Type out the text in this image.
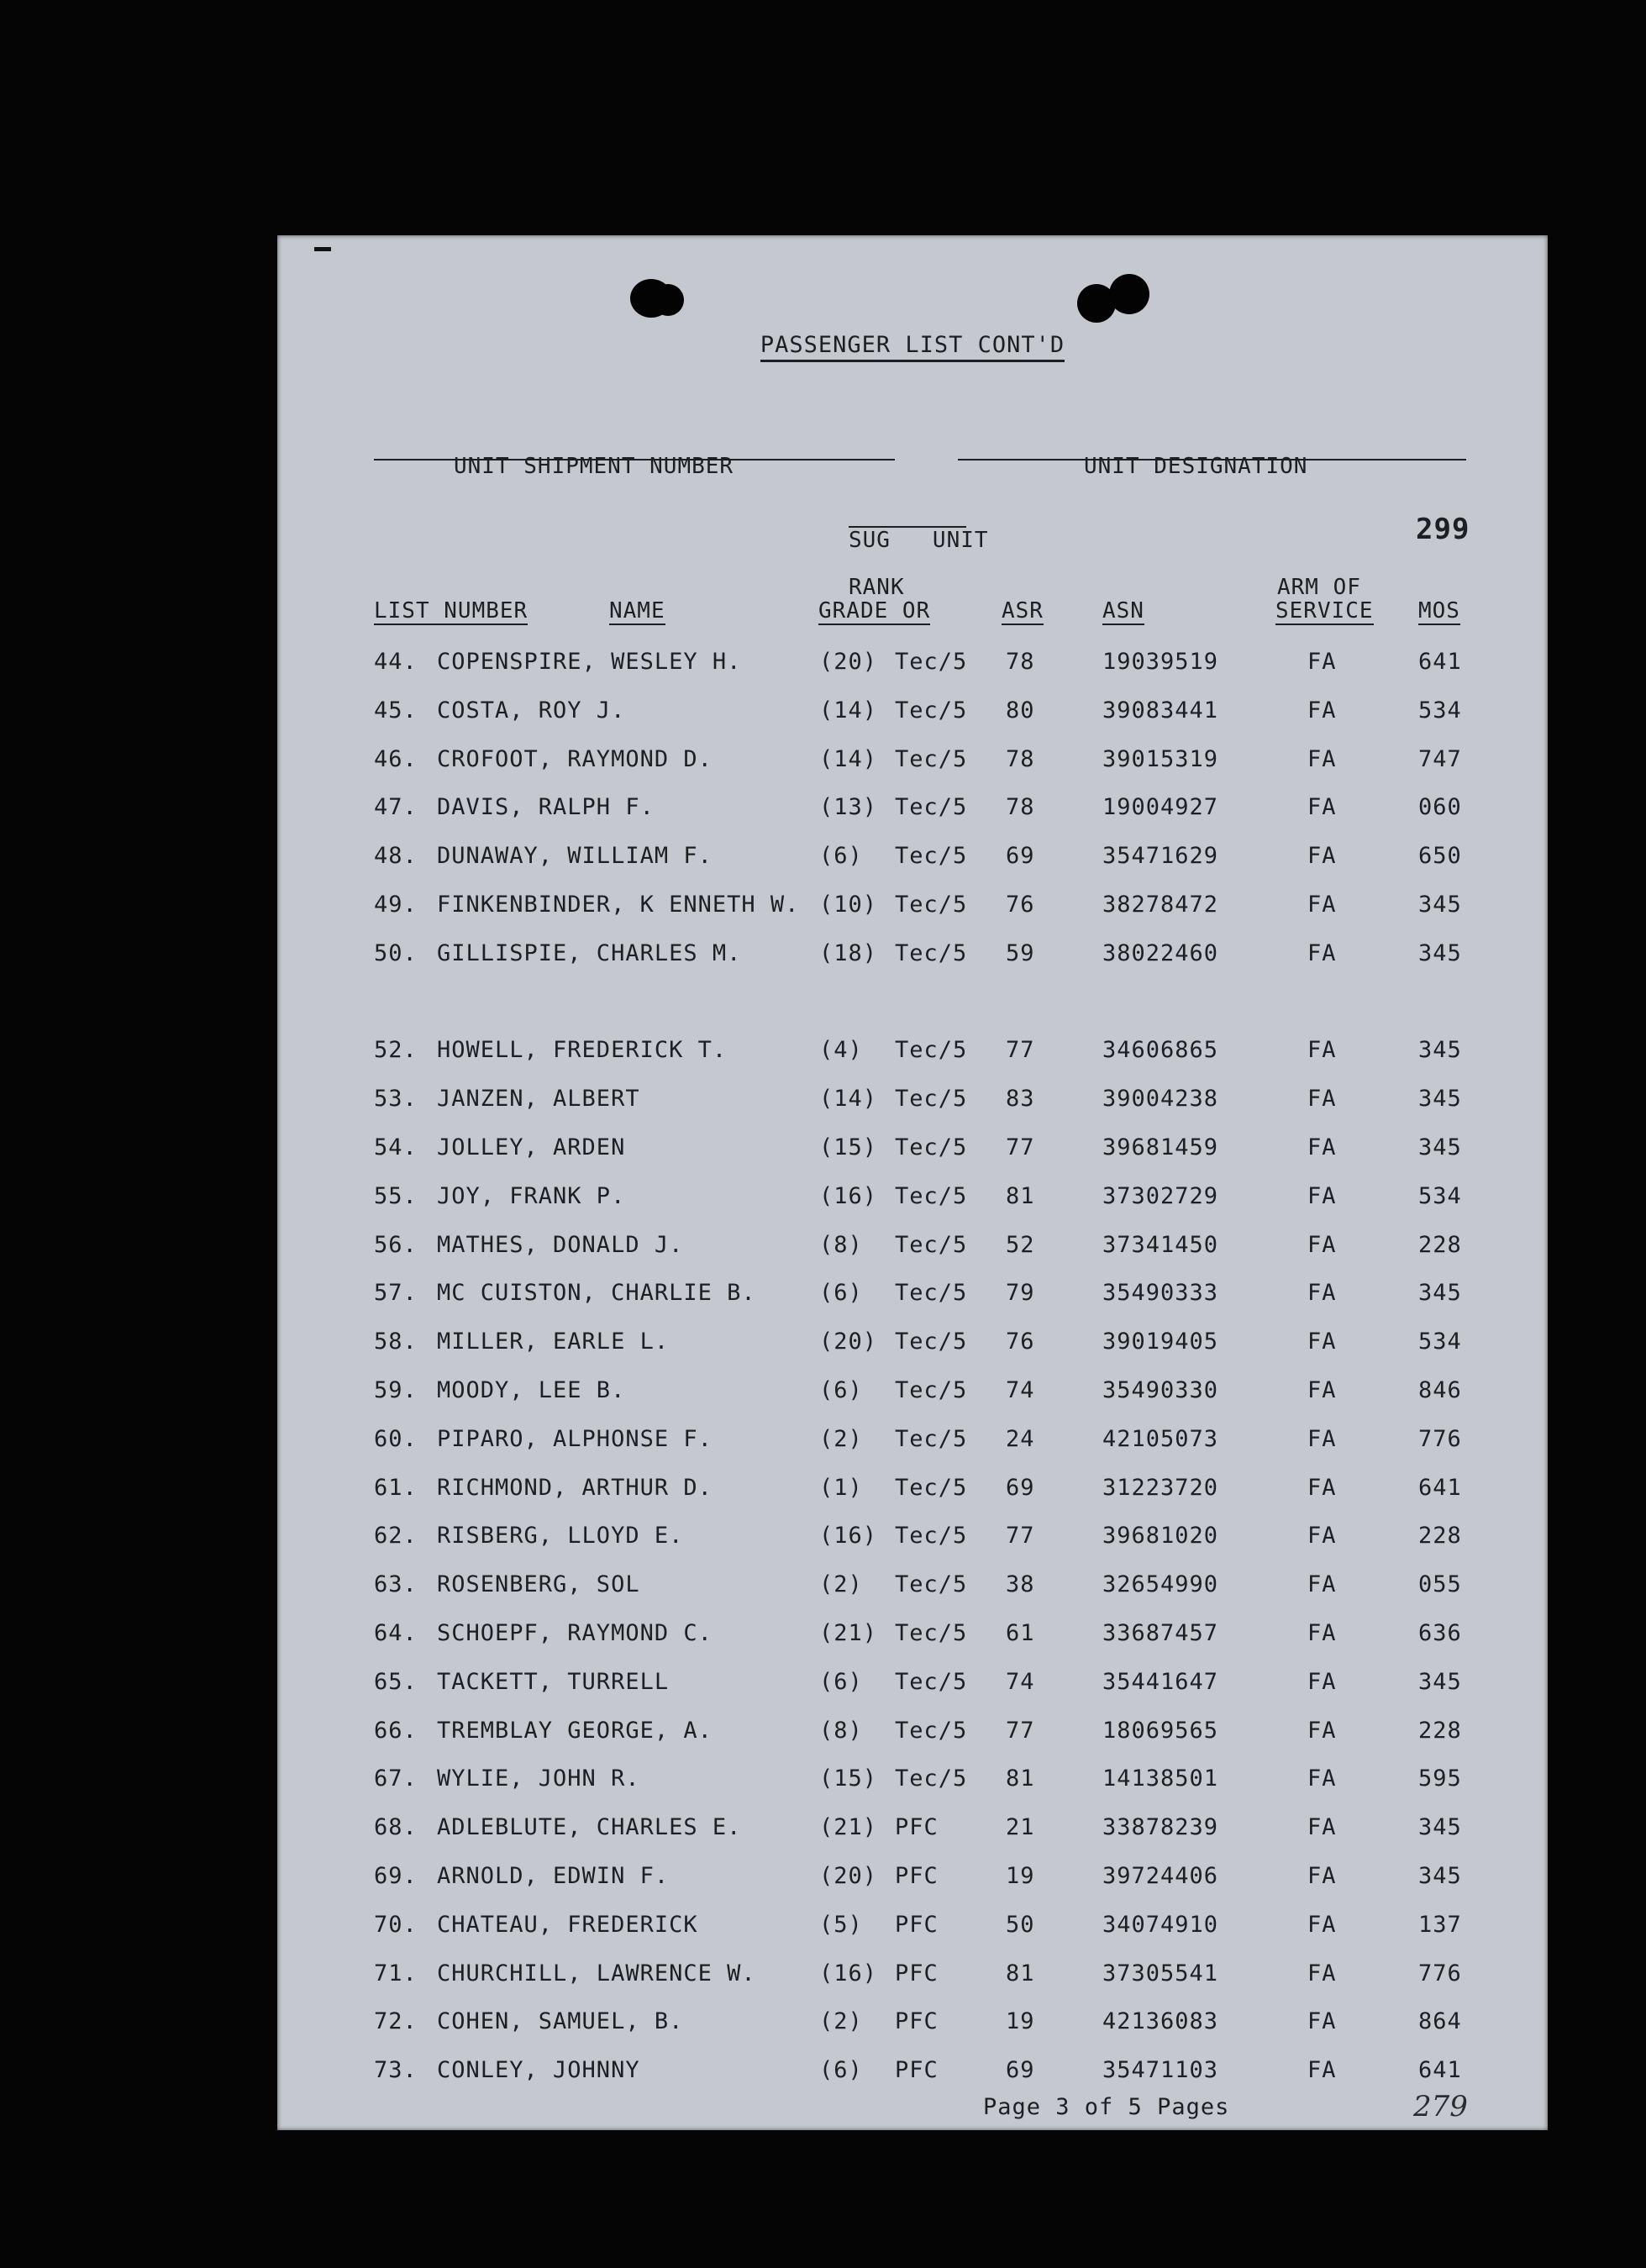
PASSENGER LIST CONT'D
UNIT SHIPMENT NUMBER	UNIT DESIGNATION
SUG   UNIT	299
LIST NUMBER	NAME
RANK
GRADE OR	ASR	ASN
ARM OF
SERVICE MOS
44. COPENSPIRE, WESLEY H.	(20) Tec/5 78	19039519	FA	641
45. COSTA, ROY J.	(14) Tec/5 80	39083441	FA	534
46. CROFOOT, RAYMOND D.	(14) Tec/5 78	39015319	FA	747
47. DAVIS, RALPH F.	(13) Tec/5 78	19004927	FA	060
48. DUNAWAY, WILLIAM F.	(6) Tec/5 69	35471629	FA	650
49. FINKENBINDER, K ENNETH W. (10) Tec/5 76	38278472	FA	345
50. GILLISPIE, CHARLES M.	(18) Tec/5 59	38022460	FA	345
52. HOWELL, FREDERICK T.	(4) Tec/5 77	34606865	FA	345
53. JANZEN, ALBERT	(14) Tec/5 83	39004238	FA	345
54. JOLLEY, ARDEN	(15) Tec/5 77	39681459	FA	345
55. JOY, FRANK P.	(16) Tec/5 81	37302729	FA	534
56. MATHES, DONALD J.	(8) Tec/5 52	37341450	FA	228
57. MC CUISTON, CHARLIE B.	(6) Tec/5 79	35490333	FA	345
58. MILLER, EARLE L.	(20) Tec/5 76	39019405	FA	534
59. MOODY, LEE B.	(6) Tec/5 74	35490330	FA	846
60. PIPARO, ALPHONSE F.	(2) Tec/5 24	42105073	FA	776
61. RICHMOND, ARTHUR D.	(1) Tec/5 69	31223720	FA	641
62. RISBERG, LLOYD E.	(16) Tec/5 77	39681020	FA	228
63. ROSENBERG, SOL	(2) Tec/5 38	32654990	FA	055
64. SCHOEPF, RAYMOND C.	(21) Tec/5 61	33687457	FA	636
65. TACKETT, TURRELL	(6) Tec/5 74	35441647	FA	345
66. TREMBLAY GEORGE, A.	(8) Tec/5 77	18069565	FA	228
67. WYLIE, JOHN R.	(15) Tec/5 81	14138501	FA	595
68. ADLEBLUTE, CHARLES E.	(21) PFC	21	33878239	FA	345
69. ARNOLD, EDWIN F.	(20) PFC	19	39724406	FA	345
70. CHATEAU, FREDERICK	(5) PFC	50	34074910	FA	137
71. CHURCHILL, LAWRENCE W.	(16) PFC	81	37305541	FA	776
72. COHEN, SAMUEL, B.	(2) PFC	19	42136083	FA	864
73. CONLEY, JOHNNY	(6) PFC	69	35471103	FA	641
Page 3 of 5 Pages	279
